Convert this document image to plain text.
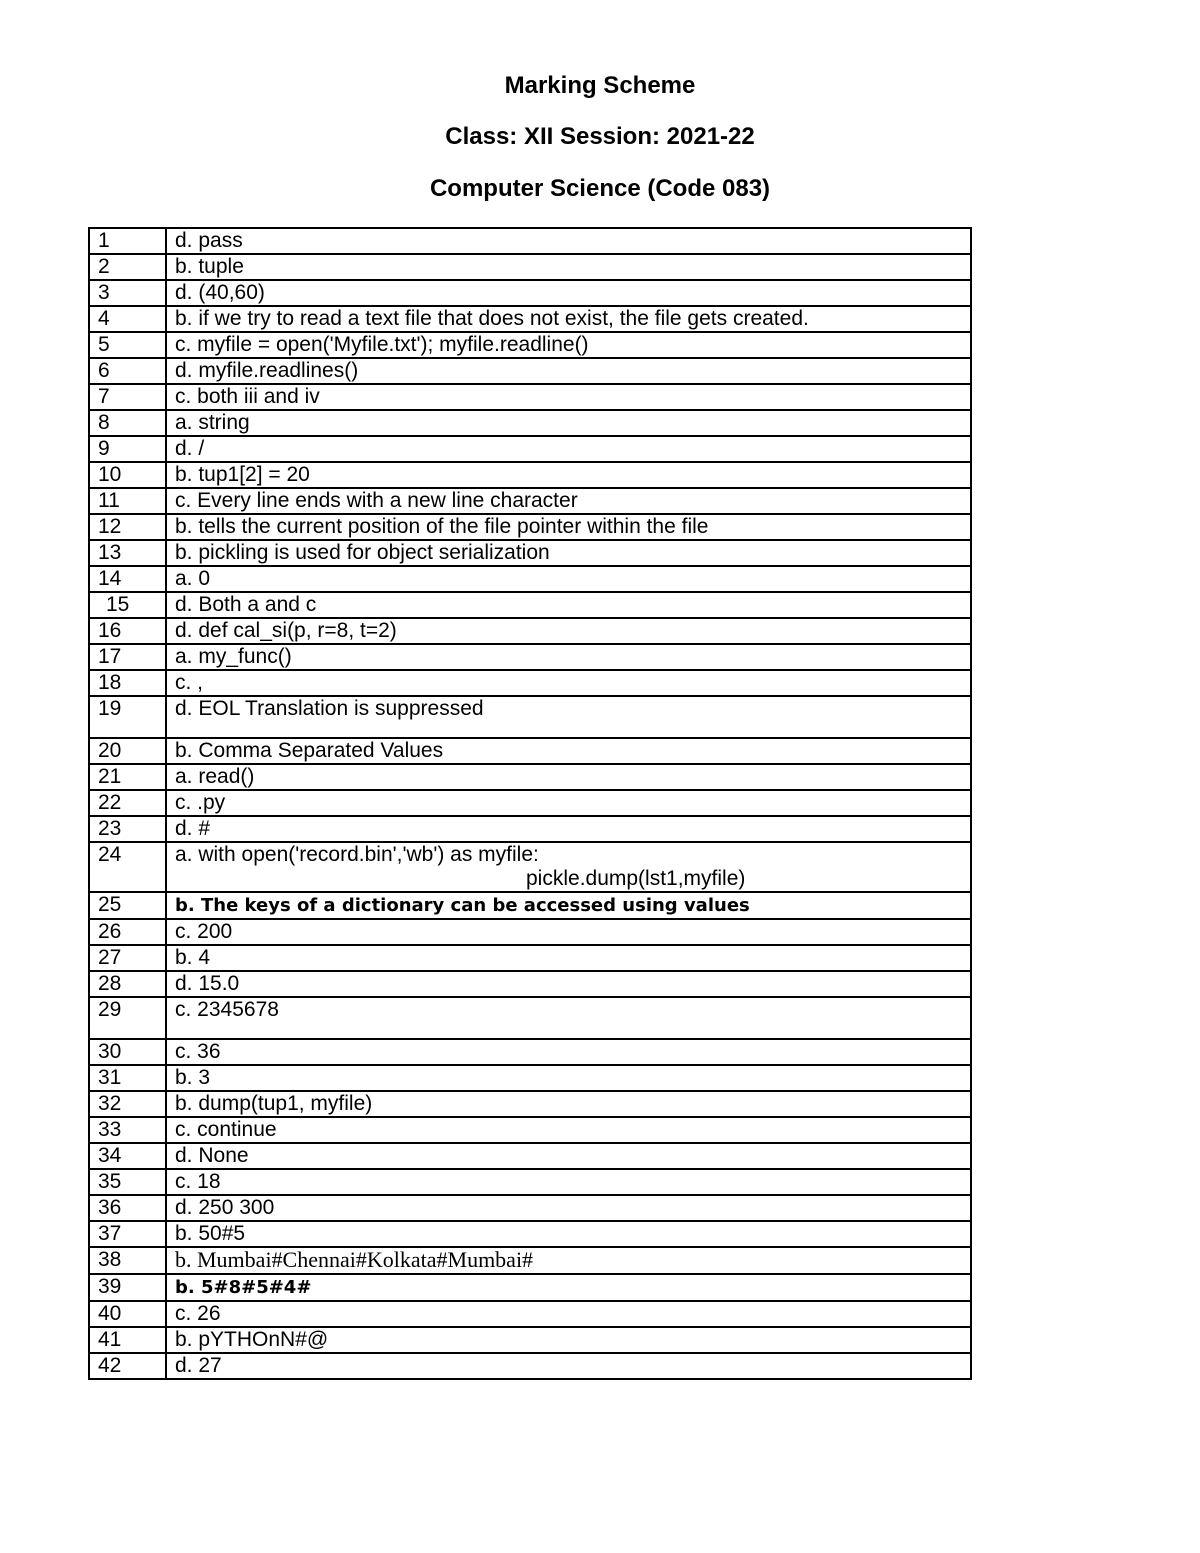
Marking Scheme
Class: XII Session: 2021-22
Computer Science (Code 083)
1	d. pass
2	b. tuple
3	d. (40,60)
4	b. if we try to read a text file that does not exist, the file gets created.
5	c. myfile = open('Myfile.txt'); myfile.readline()
6	d. myfile.readlines()
7	c. both iii and iv
8	a. string
9	d. /
10	b. tup1[2] = 20
11	c. Every line ends with a new line character
12	b. tells the current position of the file pointer within the file
13	b. pickling is used for object serialization
14	a. 0
15	d. Both a and c
16	d. def cal_si(p, r=8, t=2)
17	a. my_func()
18	c. ,
19	d. EOL Translation is suppressed
20	b. Comma Separated Values
21	a. read()
22	c. .py
23	d. #
24	a. with open('record.bin','wb') as myfile:
pickle.dump(lst1,myfile)

25	b. The keys of a dictionary can be accessed using values
26	c. 200
27	b. 4
28	d. 15.0
29	c. 2345678
30	c. 36
31	b. 3
32	b. dump(tup1, myfile)
33	c. continue
34	d. None
35	c. 18
36	d. 250 300
37	b. 50#5
38	b. Mumbai#Chennai#Kolkata#Mumbai#
39	b. 5#8#5#4#
40	c. 26
41	b. pYTHOnN#@
42	d. 27
